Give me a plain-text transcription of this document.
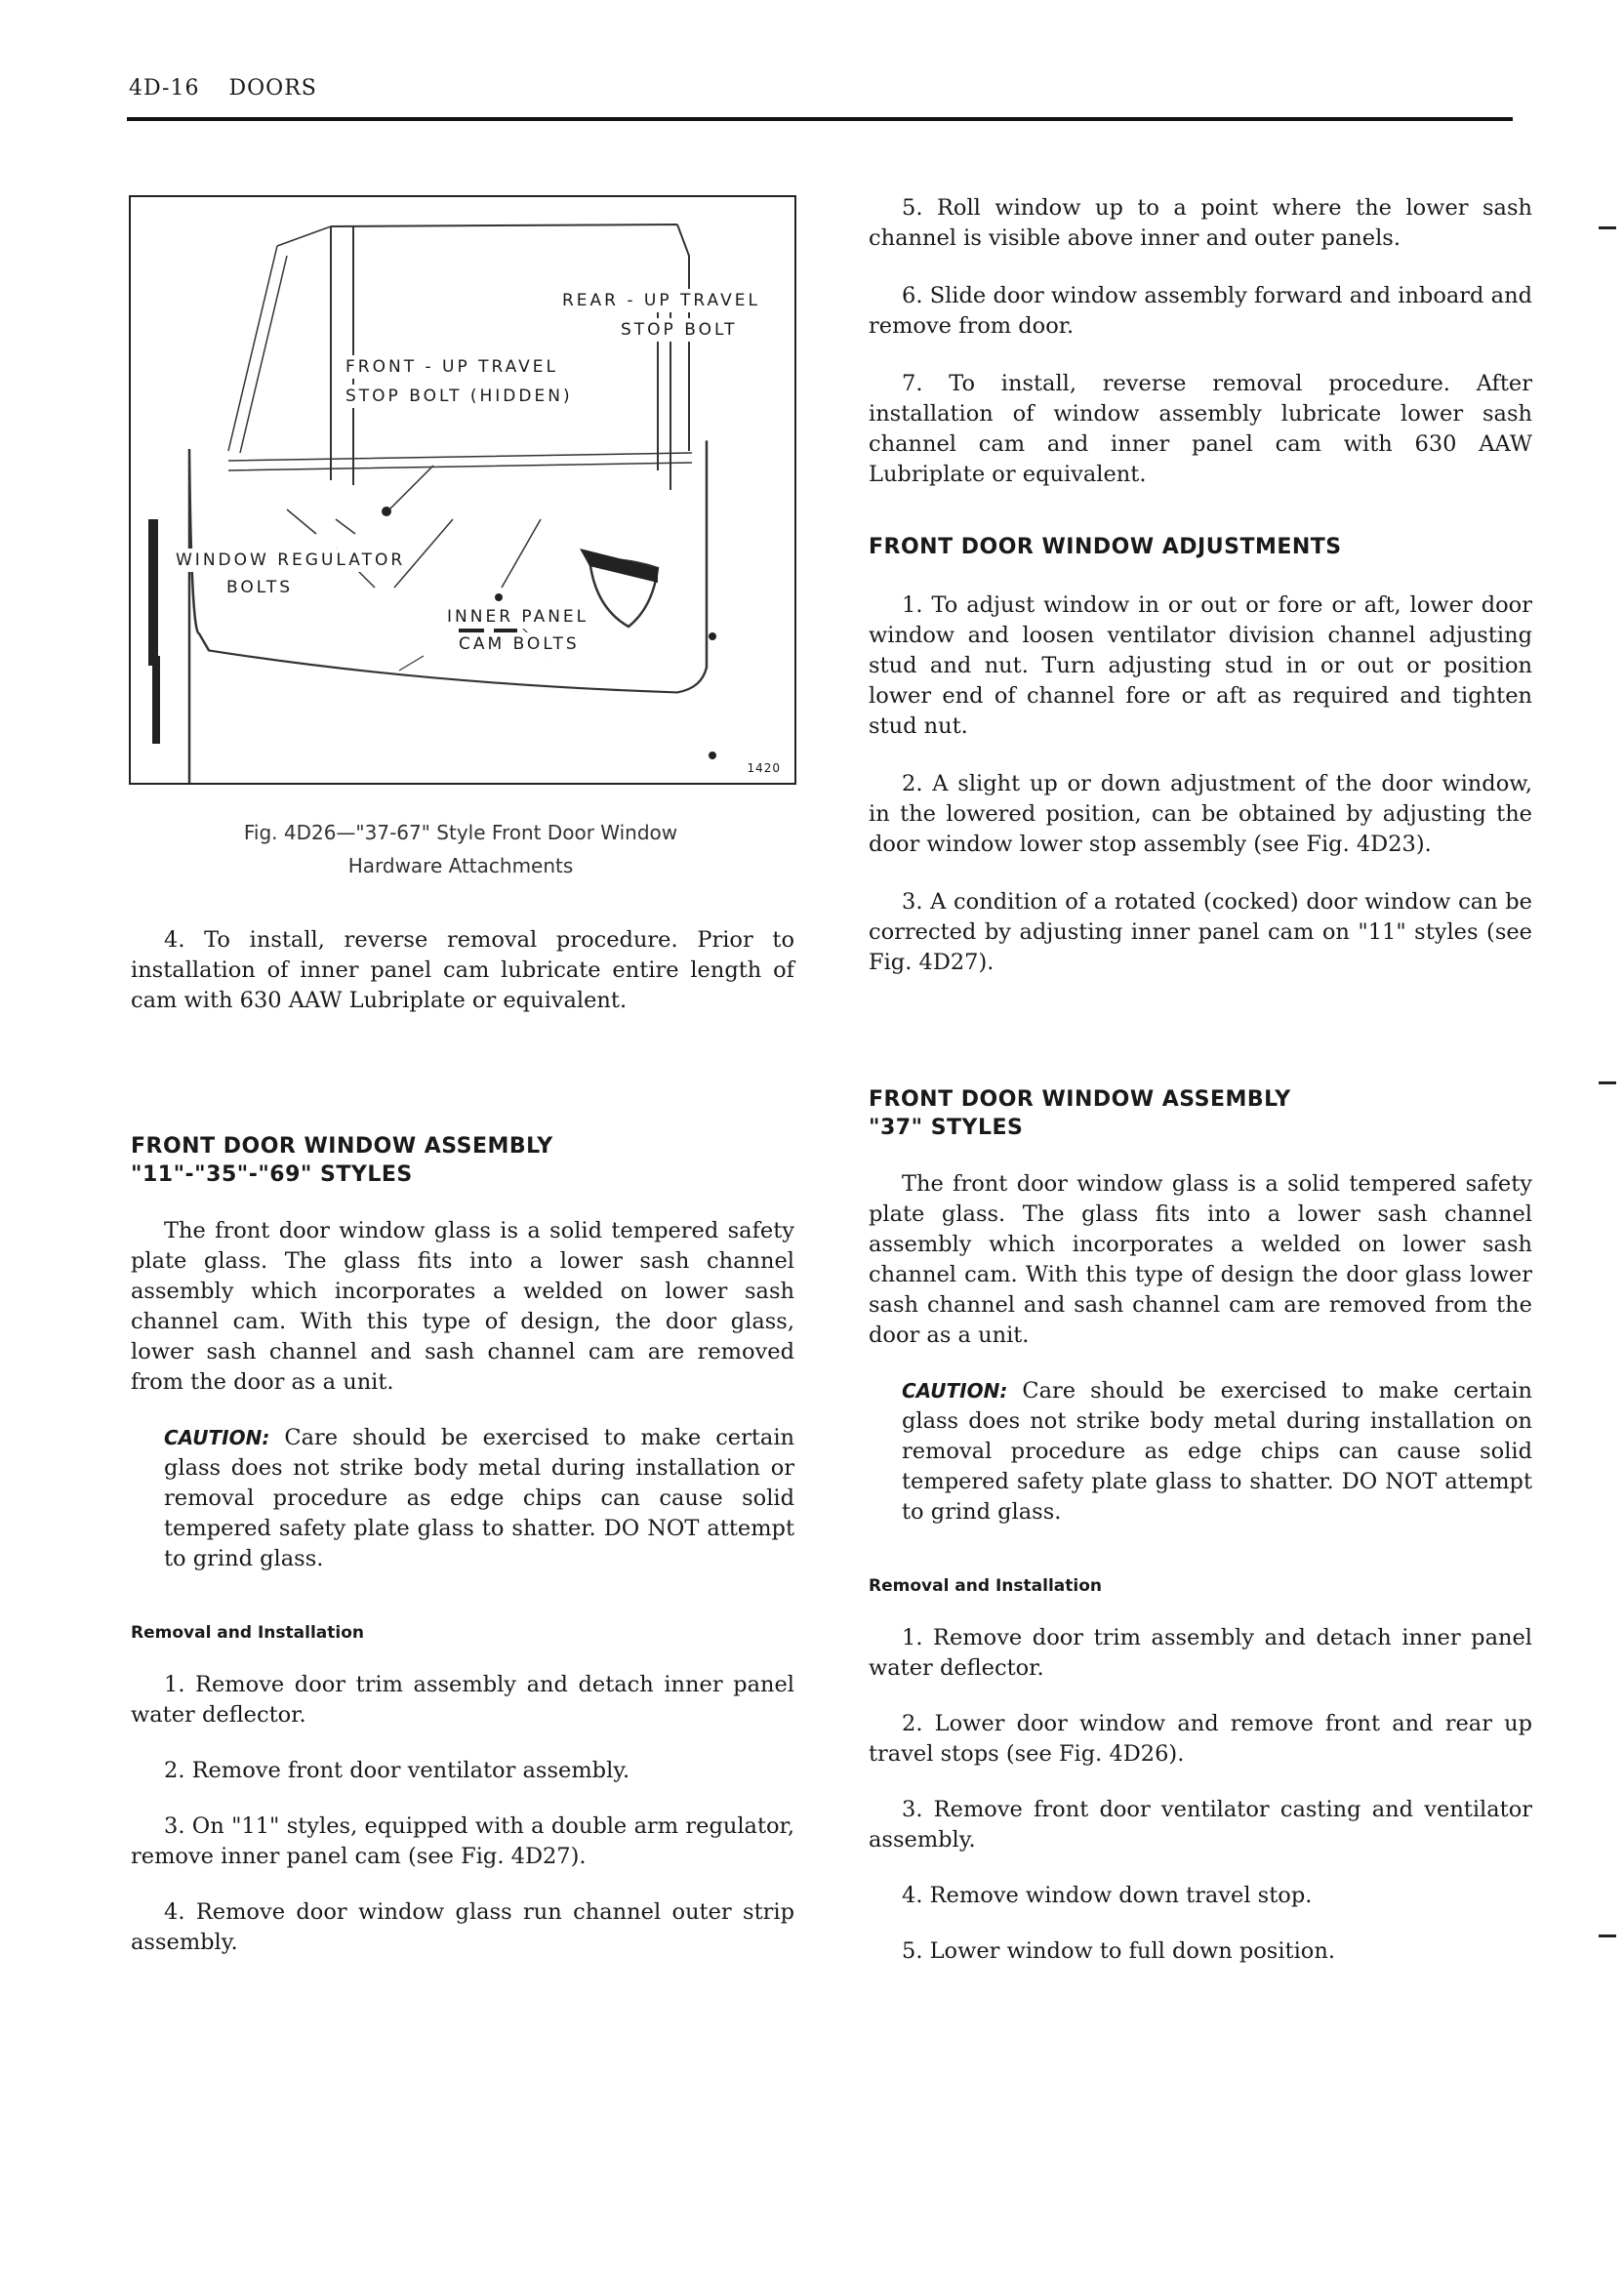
4D-16 DOORS
REAR - UP TRAVEL
STOP BOLT
FRONT - UP TRAVEL
STOP BOLT (HIDDEN)
WINDOW REGULATOR
BOLTS
INNER PANEL
CAM BOLTS
1420
Fig. 4D26—"37-67" Style Front Door Window
Hardware Attachments

4. To install, reverse removal procedure. Prior to installation of inner panel cam lubricate entire length of cam with 630 AAW Lubriplate or equivalent.

FRONT DOOR WINDOW ASSEMBLY
"11"-"35"-"69" STYLES

The front door window glass is a solid tempered safety plate glass. The glass fits into a lower sash channel assembly which incorporates a welded on lower sash channel cam. With this type of design, the door glass, lower sash channel and sash channel cam are removed from the door as a unit.

CAUTION: Care should be exercised to make certain glass does not strike body metal during installation or removal procedure as edge chips can cause solid tempered safety plate glass to shatter. DO NOT attempt to grind glass.

Removal and Installation

1. Remove door trim assembly and detach inner panel water deflector.

2. Remove front door ventilator assembly.

3. On "11" styles, equipped with a double arm regulator, remove inner panel cam (see Fig. 4D27).

4. Remove door window glass run channel outer strip assembly.

5. Roll window up to a point where the lower sash channel is visible above inner and outer panels.

6. Slide door window assembly forward and inboard and remove from door.

7. To install, reverse removal procedure. After installation of window assembly lubricate lower sash channel cam and inner panel cam with 630 AAW Lubriplate or equivalent.

FRONT DOOR WINDOW ADJUSTMENTS

1. To adjust window in or out or fore or aft, lower door window and loosen ventilator division channel adjusting stud and nut. Turn adjusting stud in or out or position lower end of channel fore or aft as required and tighten stud nut.

2. A slight up or down adjustment of the door window, in the lowered position, can be obtained by adjusting the door window lower stop assembly (see Fig. 4D23).

3. A condition of a rotated (cocked) door window can be corrected by adjusting inner panel cam on "11" styles (see Fig. 4D27).

FRONT DOOR WINDOW ASSEMBLY
"37" STYLES

The front door window glass is a solid tempered safety plate glass. The glass fits into a lower sash channel assembly which incorporates a welded on lower sash channel cam. With this type of design the door glass lower sash channel and sash channel cam are removed from the door as a unit.

CAUTION: Care should be exercised to make certain glass does not strike body metal during installation on removal procedure as edge chips can cause solid tempered safety plate glass to shatter. DO NOT attempt to grind glass.

Removal and Installation

1. Remove door trim assembly and detach inner panel water deflector.

2. Lower door window and remove front and rear up travel stops (see Fig. 4D26).

3. Remove front door ventilator casting and ventilator assembly.

4. Remove window down travel stop.

5. Lower window to full down position.
